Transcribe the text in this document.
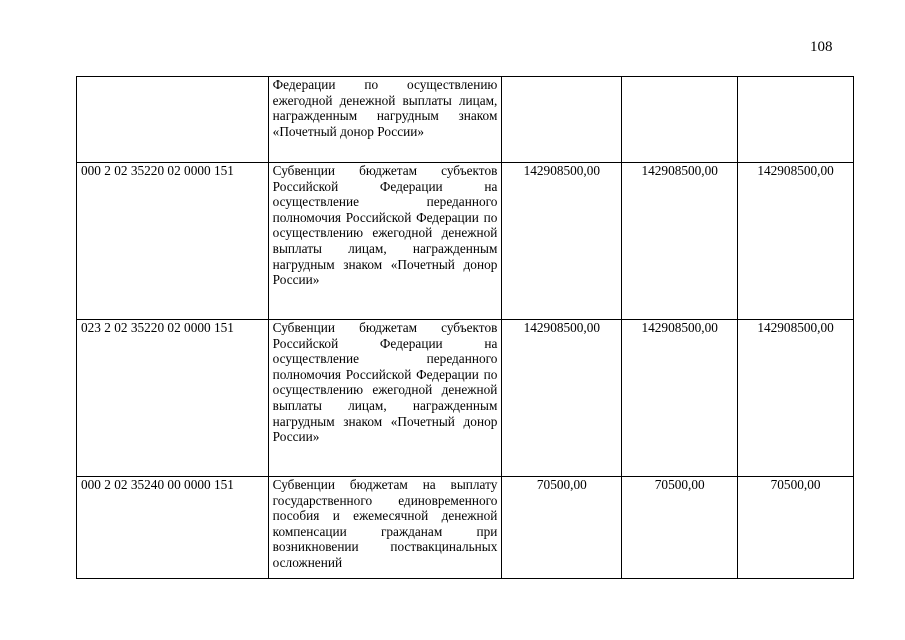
108
	Федерации по осуществлению ежегодной денежной выплаты лицам, награжденным нагрудным знаком «Почетный донор России»			
000 2 02 35220 02 0000 151	Субвенции бюджетам субъектов Российской Федерации на осуществление переданного полномочия Российской Федерации по осуществлению ежегодной денежной выплаты лицам, награжденным нагрудным знаком «Почетный донор России»	142908500,00	142908500,00	142908500,00
023 2 02 35220 02 0000 151	Субвенции бюджетам субъектов Российской Федерации на осуществление переданного полномочия Российской Федерации по осуществлению ежегодной денежной выплаты лицам, награжденным нагрудным знаком «Почетный донор России»	142908500,00	142908500,00	142908500,00
000 2 02 35240 00 0000 151	Субвенции бюджетам на выплату государственного единовременного пособия и ежемесячной денежной компенсации гражданам при возникновении поствакцинальных осложнений	70500,00	70500,00	70500,00
